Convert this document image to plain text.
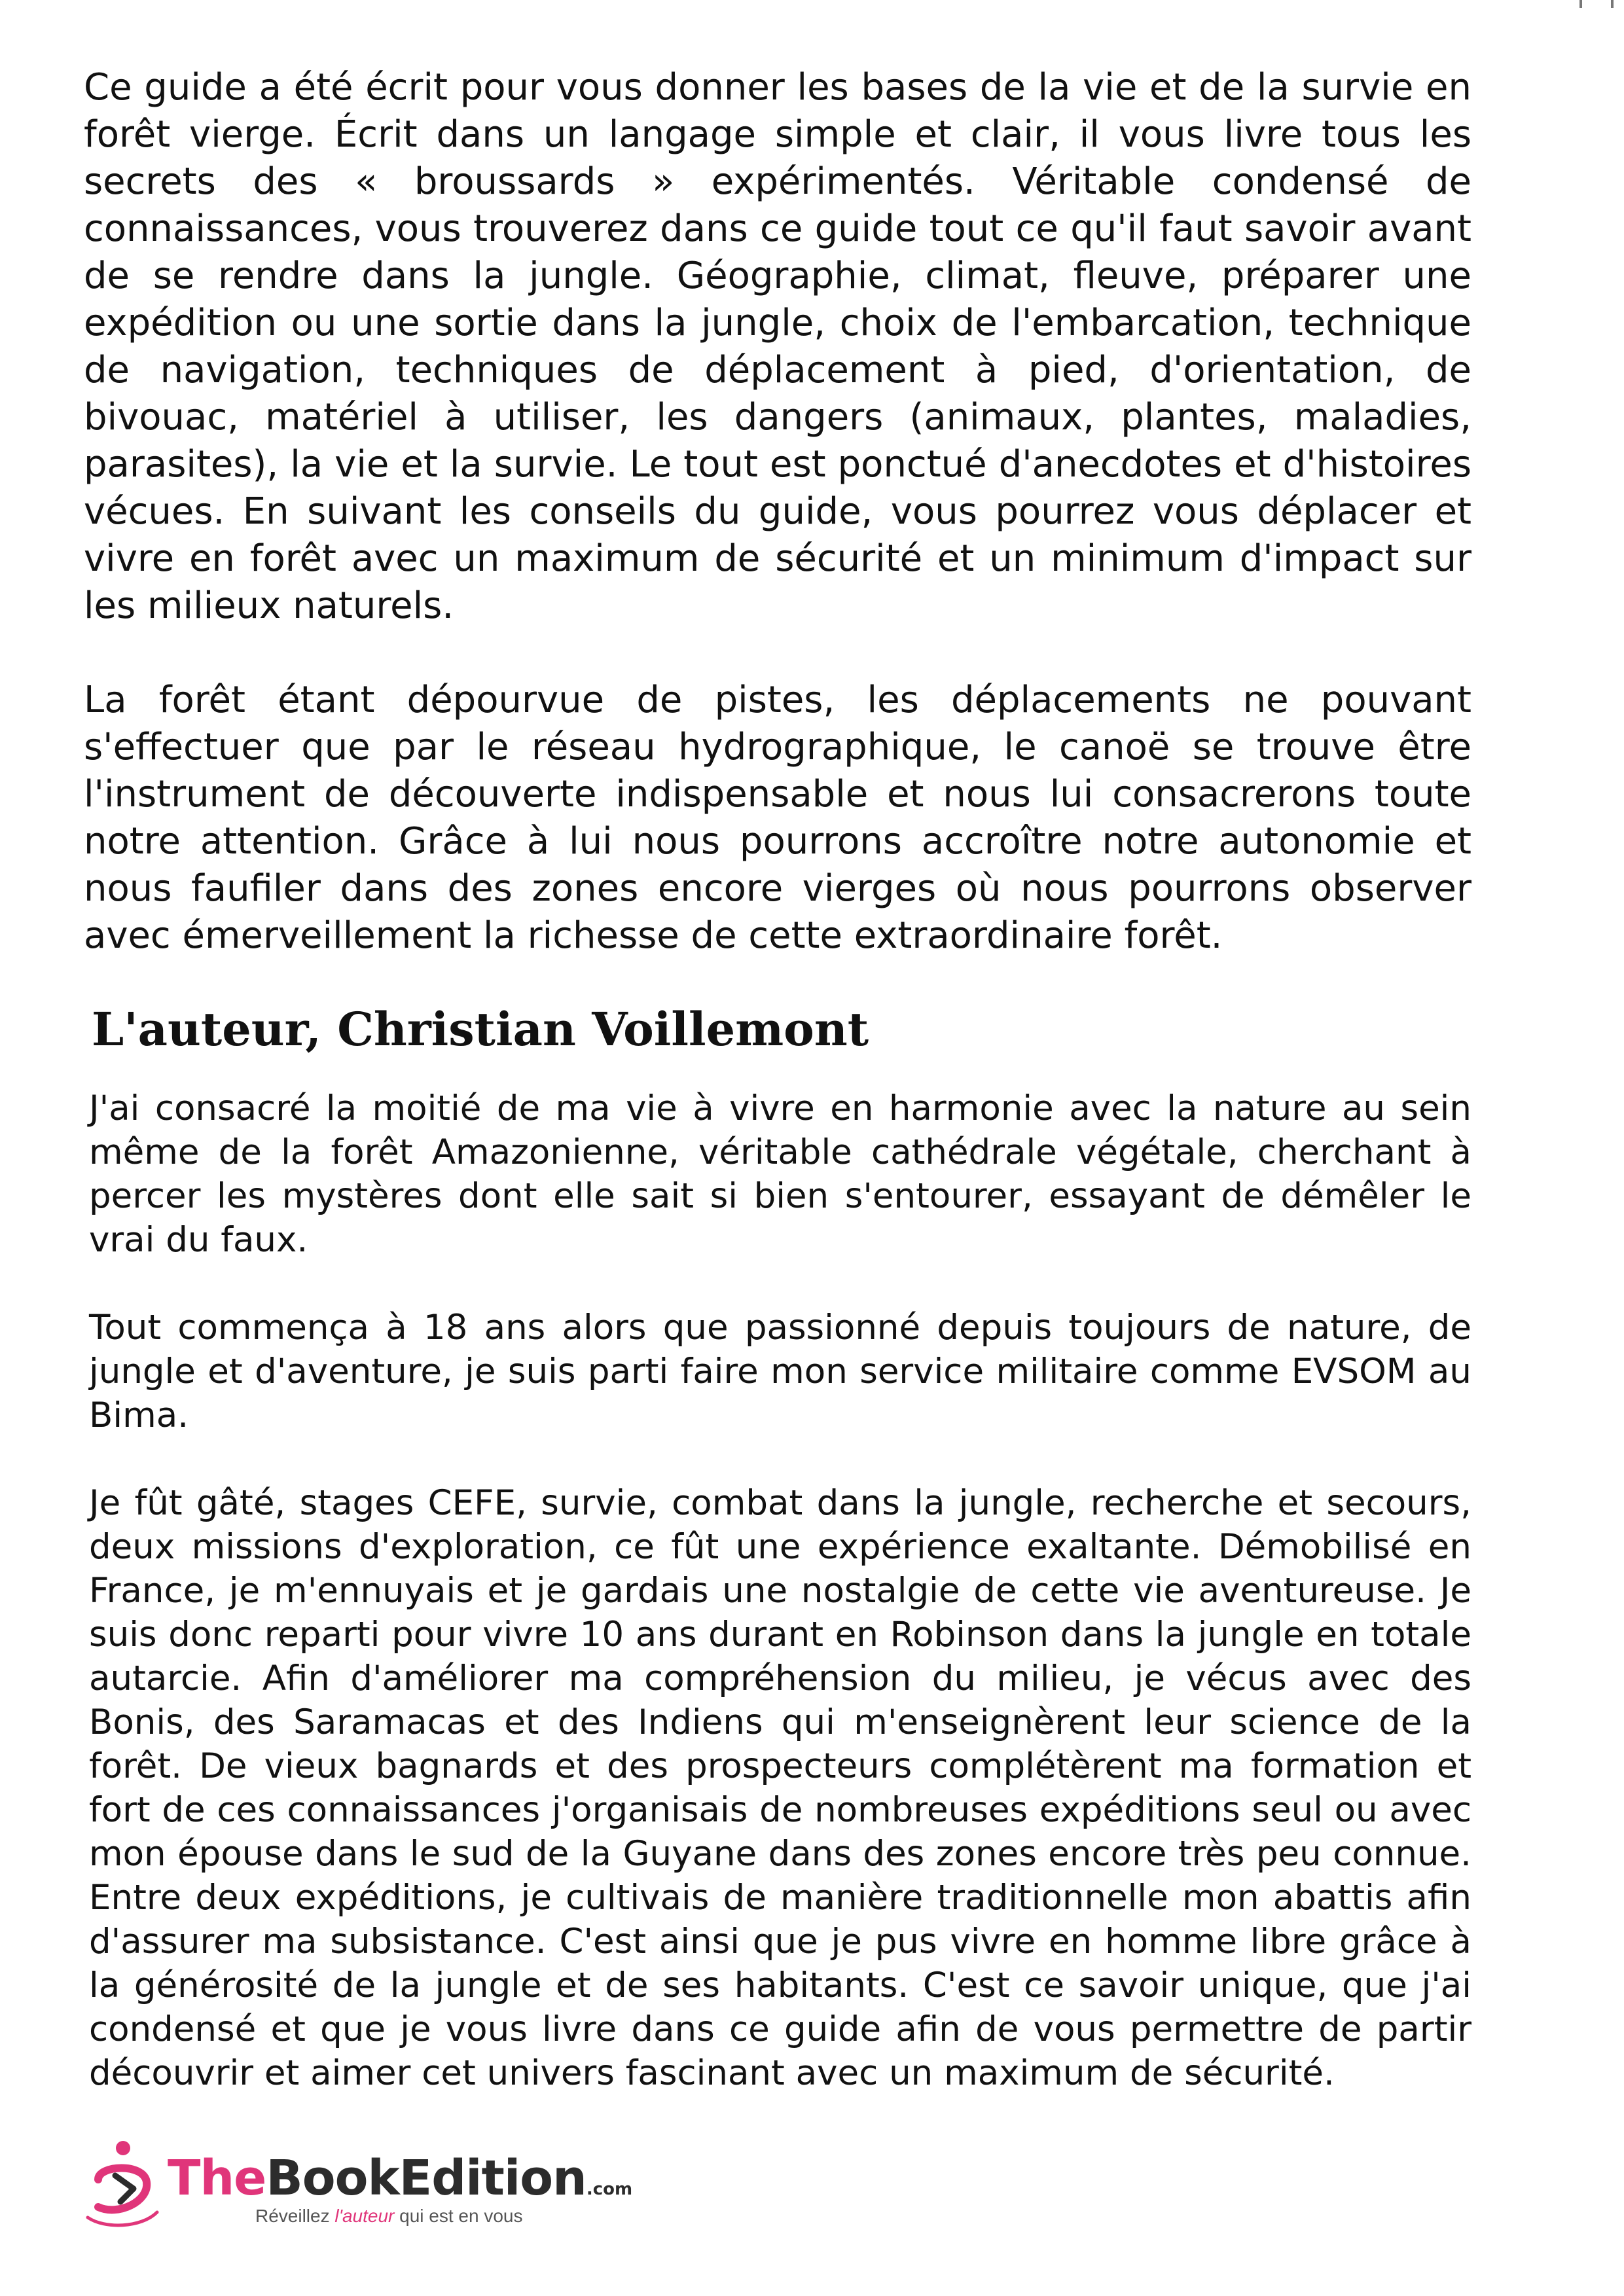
Ce guide a été écrit pour vous donner les bases de la vie et de la survie en forêt vierge. Écrit dans un langage simple et clair, il vous livre tous les secrets des « broussards » expérimentés. Véritable condensé de connaissances, vous trouverez dans ce guide tout ce qu'il faut savoir avant de se rendre dans la jungle. Géographie, climat, fleuve, préparer une expédition ou une sortie dans la jungle, choix de l'embarcation, technique de navigation, techniques de déplacement à pied, d'orientation, de bivouac, matériel à utiliser, les dangers (animaux, plantes, maladies, parasites), la vie et la survie. Le tout est ponctué d'anecdotes et d'histoires vécues. En suivant les conseils du guide, vous pourrez vous déplacer et vivre en forêt avec un maximum de sécurité et un minimum d'impact sur les milieux naturels.

La forêt étant dépourvue de pistes, les déplacements ne pouvant s'effectuer que par le réseau hydrographique, le canoë se trouve être l'instrument de découverte indispensable et nous lui consacrerons toute notre attention. Grâce à lui nous pourrons accroître notre autonomie et nous faufiler dans des zones encore vierges où nous pourrons observer avec émerveillement la richesse de cette extraordinaire forêt.

L'auteur, Christian Voillemont

J'ai consacré la moitié de ma vie à vivre en harmonie avec la nature au sein même de la forêt Amazonienne, véritable cathédrale végétale, cherchant à percer les mystères dont elle sait si bien s'entourer, essayant de démêler le vrai du faux.

Tout commença à 18 ans alors que passionné depuis toujours de nature, de jungle et d'aventure, je suis parti faire mon service militaire comme EVSOM au Bima.

Je fût gâté, stages CEFE, survie, combat dans la jungle, recherche et secours, deux missions d'exploration, ce fût une expérience exaltante. Démobilisé en France, je m'ennuyais et je gardais une nostalgie de cette vie aventureuse. Je suis donc reparti pour vivre 10 ans durant en Robinson dans la jungle en totale autarcie. Afin d'améliorer ma compréhension du milieu, je vécus avec des Bonis, des Saramacas et des Indiens qui m'enseignèrent leur science de la forêt. De vieux bagnards et des prospecteurs complétèrent ma formation et fort de ces connaissances j'organisais de nombreuses expéditions seul ou avec mon épouse dans le sud de la Guyane dans des zones encore très peu connue. Entre deux expéditions, je cultivais de manière traditionnelle mon abattis afin d'assurer ma subsistance. C'est ainsi que je pus vivre en homme libre grâce à la générosité de la jungle et de ses habitants. C'est ce savoir unique, que j'ai condensé et que je vous livre dans ce guide afin de vous permettre de partir découvrir et aimer cet univers fascinant avec un maximum de sécurité.

TheBookEdition.com
Réveillez l'auteur qui est en vous
